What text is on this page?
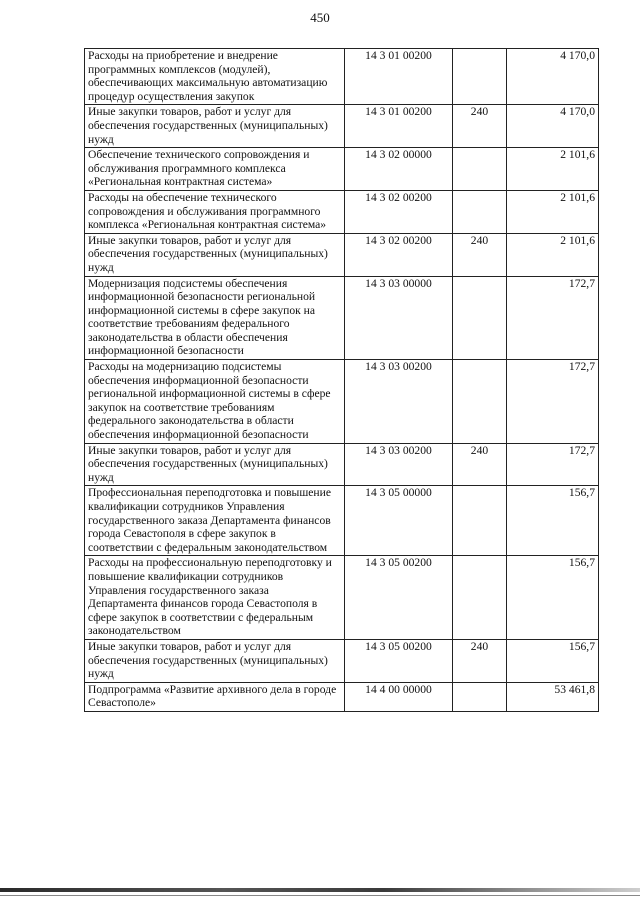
450
Расходы на приобретение и внедрение программных комплексов (модулей), обеспечивающих максимальную автоматизацию процедур осуществления закупок	14 3 01 00200		4 170,0
Иные закупки товаров, работ и услуг для обеспечения государственных (муниципальных) нужд	14 3 01 00200	240	4 170,0
Обеспечение технического сопровождения и обслуживания программного комплекса «Региональная контрактная система»	14 3 02 00000		2 101,6
Расходы на обеспечение технического сопровождения и обслуживания программного комплекса «Региональная контрактная система»	14 3 02 00200		2 101,6
Иные закупки товаров, работ и услуг для обеспечения государственных (муниципальных) нужд	14 3 02 00200	240	2 101,6
Модернизация подсистемы обеспечения информационной безопасности региональной информационной системы в сфере закупок на соответствие требованиям федерального законодательства в области обеспечения информационной безопасности	14 3 03 00000		172,7
Расходы на модернизацию подсистемы обеспечения информационной безопасности региональной информационной системы в сфере закупок на соответствие требованиям федерального законодательства в области обеспечения информационной безопасности	14 3 03 00200		172,7
Иные закупки товаров, работ и услуг для обеспечения государственных (муниципальных) нужд	14 3 03 00200	240	172,7
Профессиональная переподготовка и повышение квалификации сотрудников Управления государственного заказа Департамента финансов города Севастополя в сфере закупок в соответствии с федеральным законодательством	14 3 05 00000		156,7
Расходы на профессиональную переподготовку и повышение квалификации сотрудников Управления государственного заказа Департамента финансов города Севастополя в сфере закупок в соответствии с федеральным законодательством	14 3 05 00200		156,7
Иные закупки товаров, работ и услуг для обеспечения государственных (муниципальных) нужд	14 3 05 00200	240	156,7
Подпрограмма «Развитие архивного дела в городе Севастополе»	14 4 00 00000		53 461,8
